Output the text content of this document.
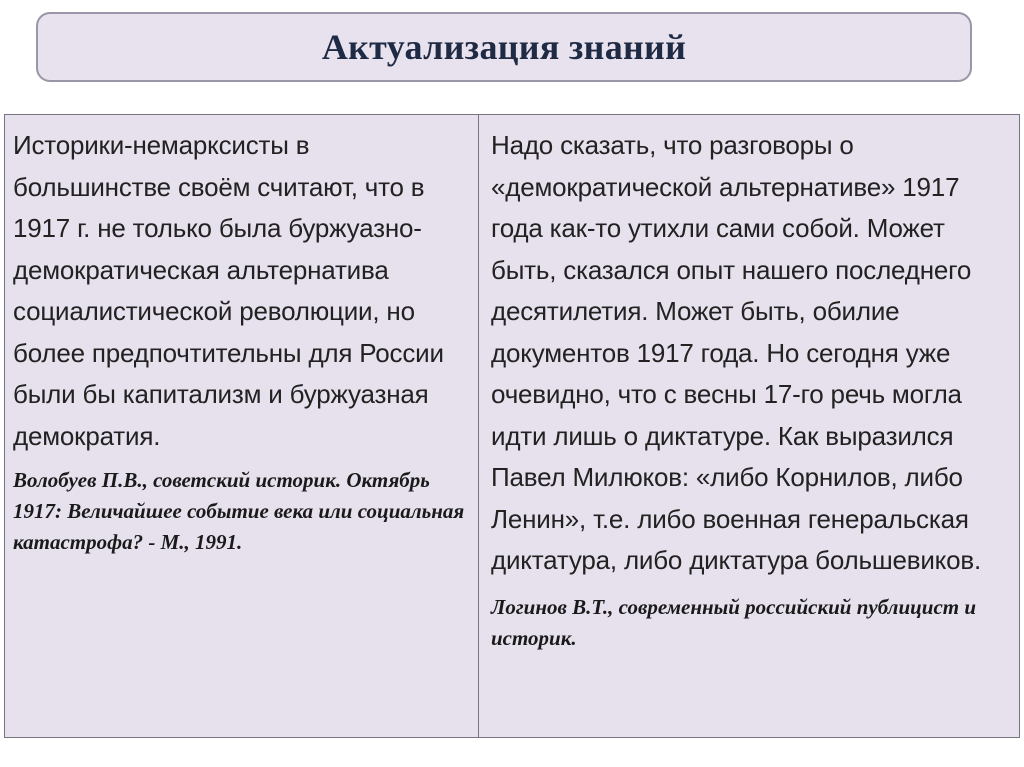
Актуализация знаний

Историки-немарксисты в большинстве своём считают, что в 1917 г. не только была буржуазно-демократическая альтернатива социалистической революции, но более предпочтительны для России были бы капитализм и буржуазная демократия.

Волобуев П.В., советский историк. Октябрь 1917: Величайшее событие века или социальная катастрофа? - М., 1991.

Надо сказать, что разговоры о «демократической альтернативе» 1917 года как-то утихли сами собой. Может быть, сказался опыт нашего последнего десятилетия. Может быть, обилие документов 1917 года. Но сегодня уже очевидно, что с весны 17-го речь могла идти лишь о диктатуре. Как выразился Павел Милюков: «либо Корнилов, либо Ленин», т.е. либо военная генеральская диктатура, либо диктатура большевиков.

Логинов В.Т., современный российский публицист и историк.
